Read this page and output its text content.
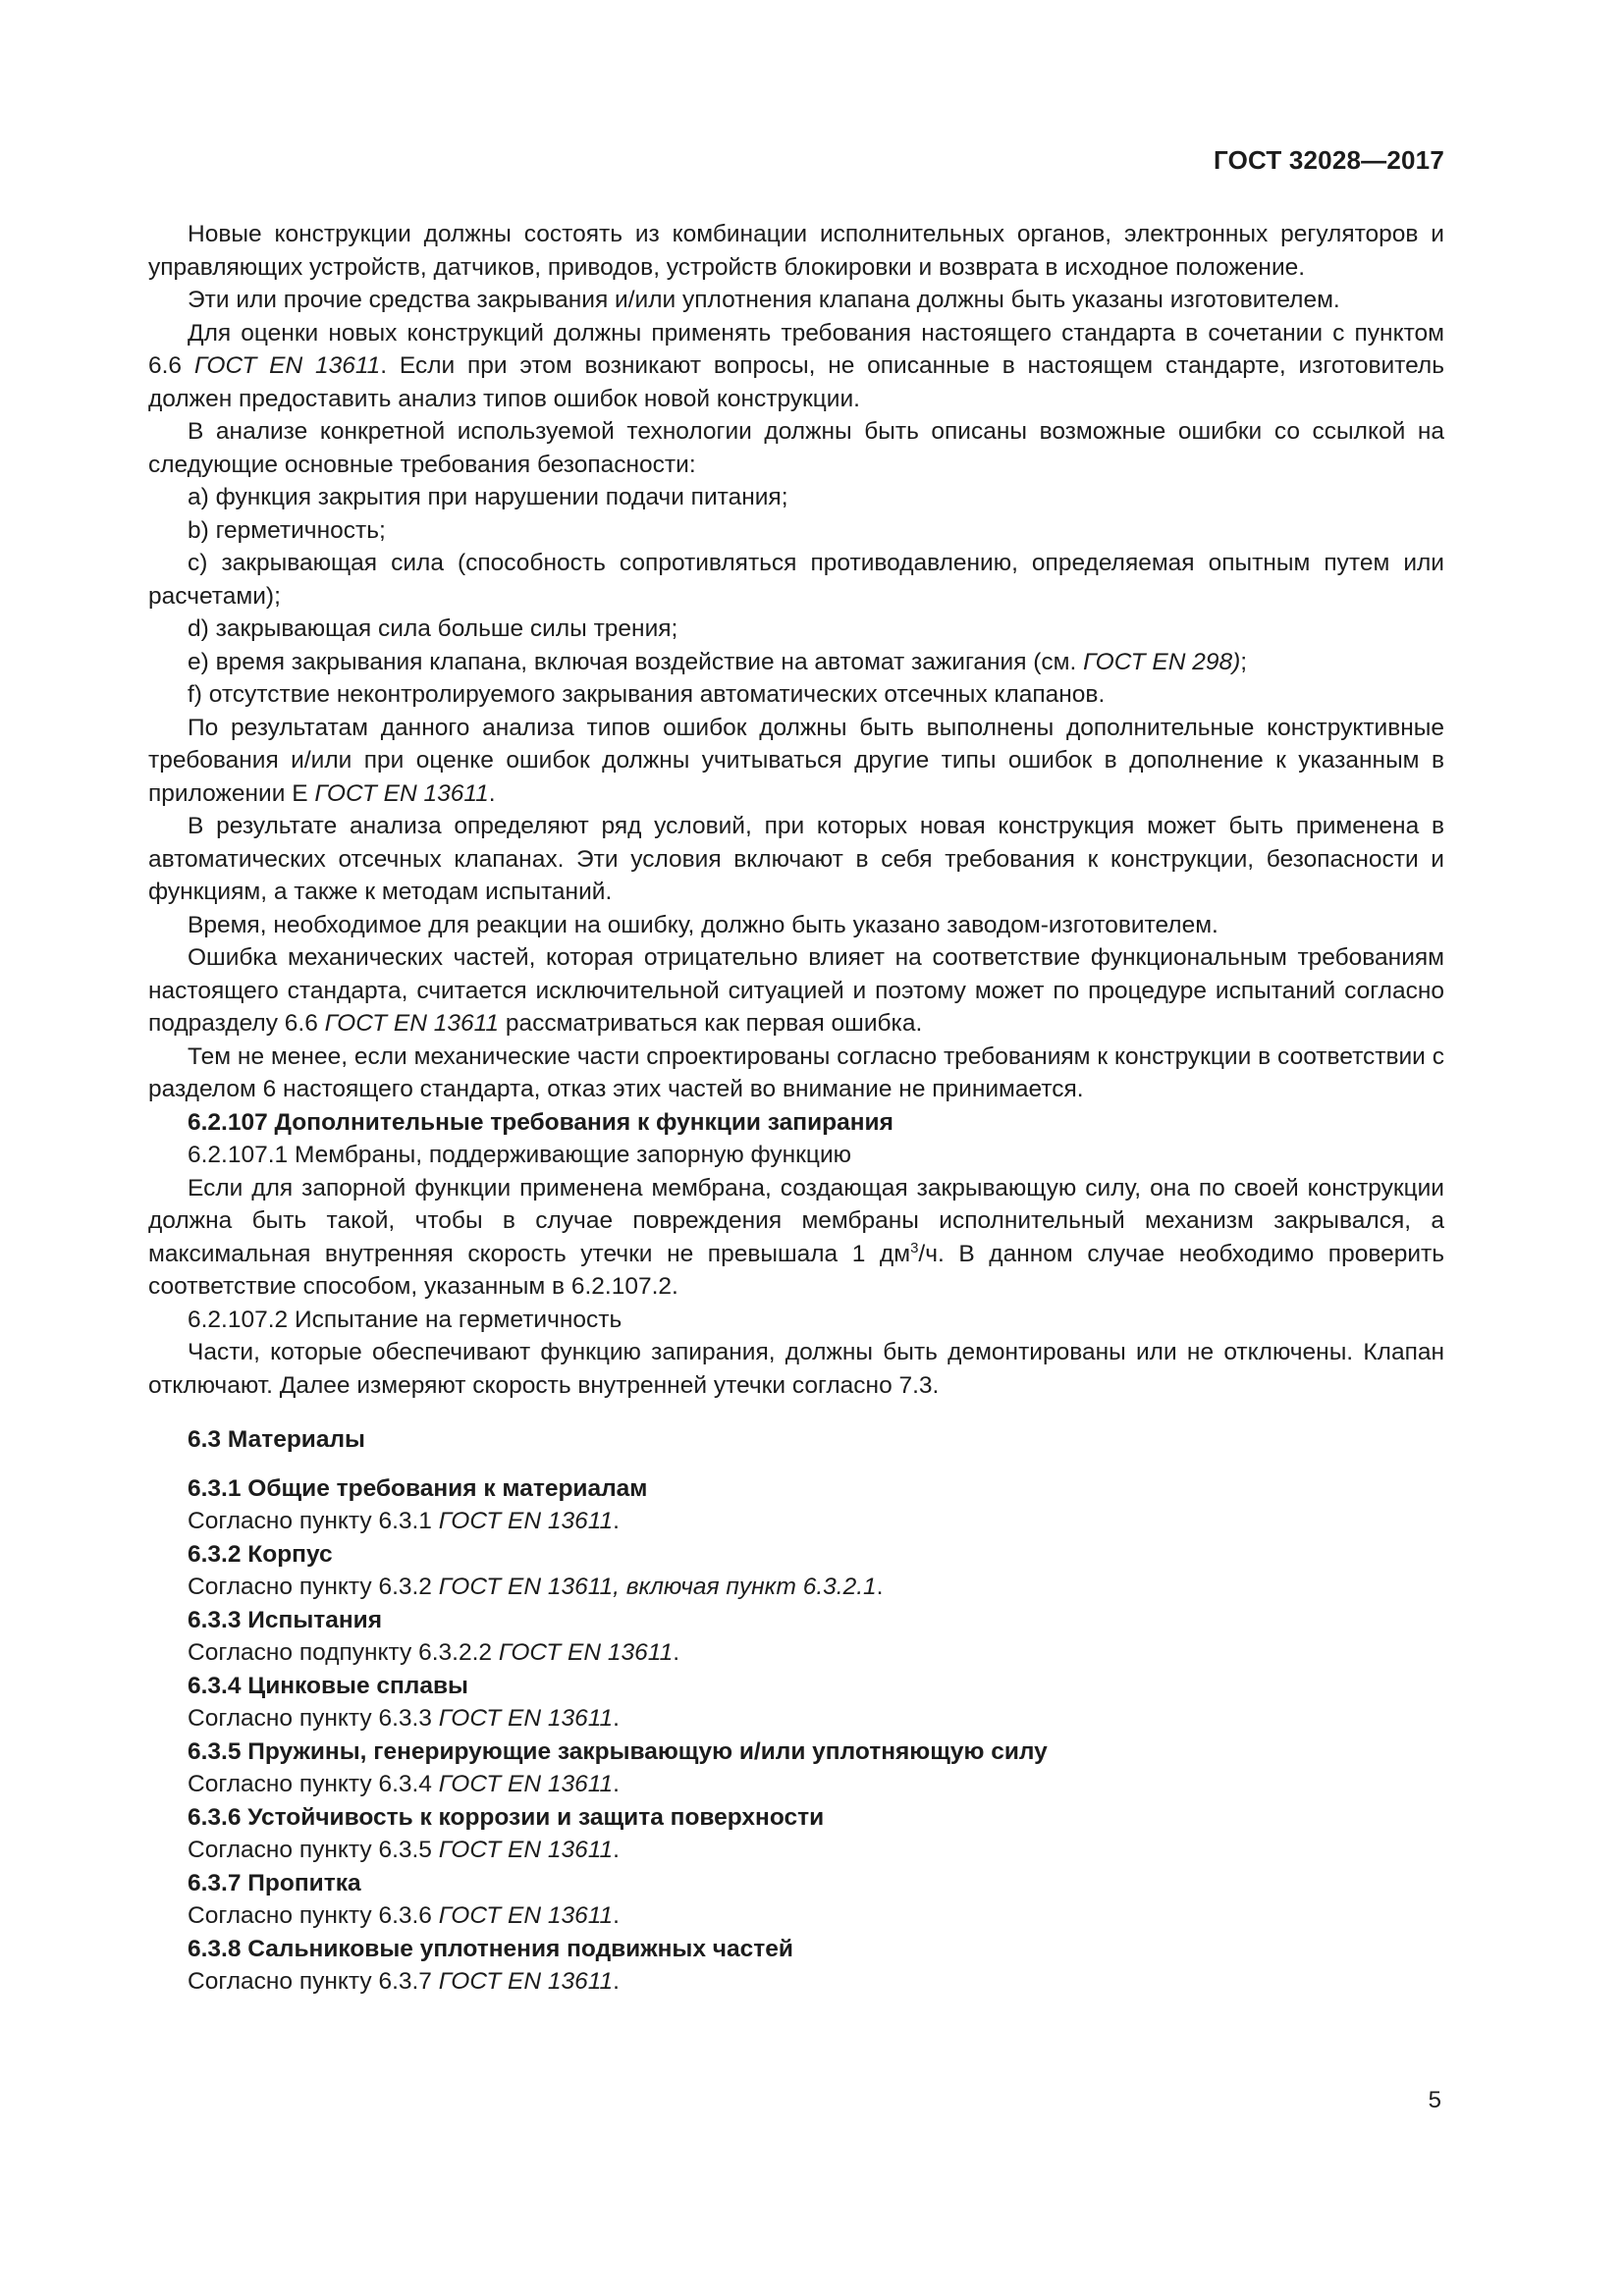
ГОСТ 32028—2017

Новые конструкции должны состоять из комбинации исполнительных органов, электронных регуляторов и управляющих устройств, датчиков, приводов, устройств блокировки и возврата в исходное положение.

Эти или прочие средства закрывания и/или уплотнения клапана должны быть указаны изготовителем.

Для оценки новых конструкций должны применять требования настоящего стандарта в сочетании с пунктом 6.6 ГОСТ EN 13611. Если при этом возникают вопросы, не описанные в настоящем стандарте, изготовитель должен предоставить анализ типов ошибок новой конструкции.

В анализе конкретной используемой технологии должны быть описаны возможные ошибки со ссылкой на следующие основные требования безопасности:

а) функция закрытия при нарушении подачи питания;

b) герметичность;

c) закрывающая сила (способность сопротивляться противодавлению, определяемая опытным путем или расчетами);

d) закрывающая сила больше силы трения;

e) время закрывания клапана, включая воздействие на автомат зажигания (см. ГОСТ EN 298);

f) отсутствие неконтролируемого закрывания автоматических отсечных клапанов.

По результатам данного анализа типов ошибок должны быть выполнены дополнительные конструктивные требования и/или при оценке ошибок должны учитываться другие типы ошибок в дополнение к указанным в приложении Е ГОСТ EN 13611.

В результате анализа определяют ряд условий, при которых новая конструкция может быть применена в автоматических отсечных клапанах. Эти условия включают в себя требования к конструкции, безопасности и функциям, а также к методам испытаний.

Время, необходимое для реакции на ошибку, должно быть указано заводом-изготовителем.

Ошибка механических частей, которая отрицательно влияет на соответствие функциональным требованиям настоящего стандарта, считается исключительной ситуацией и поэтому может по процедуре испытаний согласно подразделу 6.6 ГОСТ EN 13611 рассматриваться как первая ошибка.

Тем не менее, если механические части спроектированы согласно требованиям к конструкции в соответствии с разделом 6 настоящего стандарта, отказ этих частей во внимание не принимается.

6.2.107 Дополнительные требования к функции запирания

6.2.107.1 Мембраны, поддерживающие запорную функцию

Если для запорной функции применена мембрана, создающая закрывающую силу, она по своей конструкции должна быть такой, чтобы в случае повреждения мембраны исполнительный механизм закрывался, а максимальная внутренняя скорость утечки не превышала 1 $дм^3/ч$. В данном случае необходимо проверить соответствие способом, указанным в 6.2.107.2.

6.2.107.2 Испытание на герметичность

Части, которые обеспечивают функцию запирания, должны быть демонтированы или не отключены. Клапан отключают. Далее измеряют скорость внутренней утечки согласно 7.3.

6.3 Материалы

6.3.1 Общие требования к материалам

Согласно пункту 6.3.1 ГОСТ EN 13611.

6.3.2 Корпус

Согласно пункту 6.3.2 ГОСТ EN 13611, включая пункт 6.3.2.1.

6.3.3 Испытания

Согласно подпункту 6.3.2.2 ГОСТ EN 13611.

6.3.4 Цинковые сплавы

Согласно пункту 6.3.3 ГОСТ EN 13611.

6.3.5 Пружины, генерирующие закрывающую и/или уплотняющую силу

Согласно пункту 6.3.4 ГОСТ EN 13611.

6.3.6 Устойчивость к коррозии и защита поверхности

Согласно пункту 6.3.5 ГОСТ EN 13611.

6.3.7 Пропитка

Согласно пункту 6.3.6 ГОСТ EN 13611.

6.3.8 Сальниковые уплотнения подвижных частей

Согласно пункту 6.3.7 ГОСТ EN 13611.

5
